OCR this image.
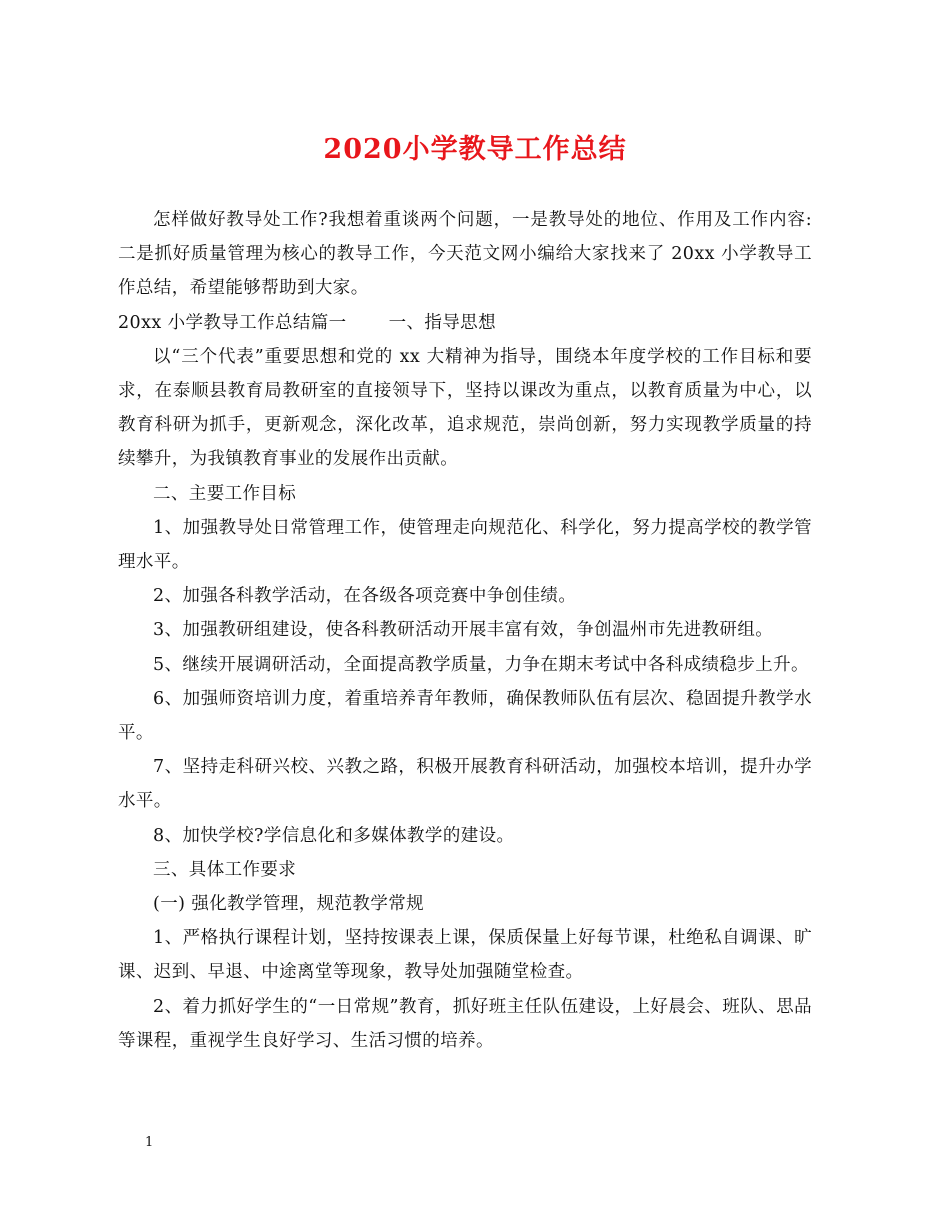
2020小学教导工作总结

怎样做好教导处工作?我想着重谈两个问题，一是教导处的地位、作用及工作内容:二是抓好质量管理为核心的教导工作，今天范文网小编给大家找来了 20xx 小学教导工作总结，希望能够帮助到大家。

20xx 小学教导工作总结篇一 一、指导思想

以“三个代表”重要思想和党的 xx 大精神为指导，围绕本年度学校的工作目标和要求，在泰顺县教育局教研室的直接领导下，坚持以课改为重点，以教育质量为中心，以教育科研为抓手，更新观念，深化改革，追求规范，崇尚创新，努力实现教学质量的持续攀升，为我镇教育事业的发展作出贡献。

二、主要工作目标

1、加强教导处日常管理工作，使管理走向规范化、科学化，努力提高学校的教学管理水平。

2、加强各科教学活动，在各级各项竞赛中争创佳绩。

3、加强教研组建设，使各科教研活动开展丰富有效，争创温州市先进教研组。

5、继续开展调研活动，全面提高教学质量，力争在期末考试中各科成绩稳步上升。

6、加强师资培训力度，着重培养青年教师，确保教师队伍有层次、稳固提升教学水平。

7、坚持走科研兴校、兴教之路，积极开展教育科研活动，加强校本培训，提升办学水平。

8、加快学校?学信息化和多媒体教学的建设。

三、具体工作要求

(一) 强化教学管理，规范教学常规

1、严格执行课程计划，坚持按课表上课，保质保量上好每节课，杜绝私自调课、旷课、迟到、早退、中途离堂等现象，教导处加强随堂检查。

2、着力抓好学生的“一日常规”教育，抓好班主任队伍建设，上好晨会、班队、思品等课程，重视学生良好学习、生活习惯的培养。

1
